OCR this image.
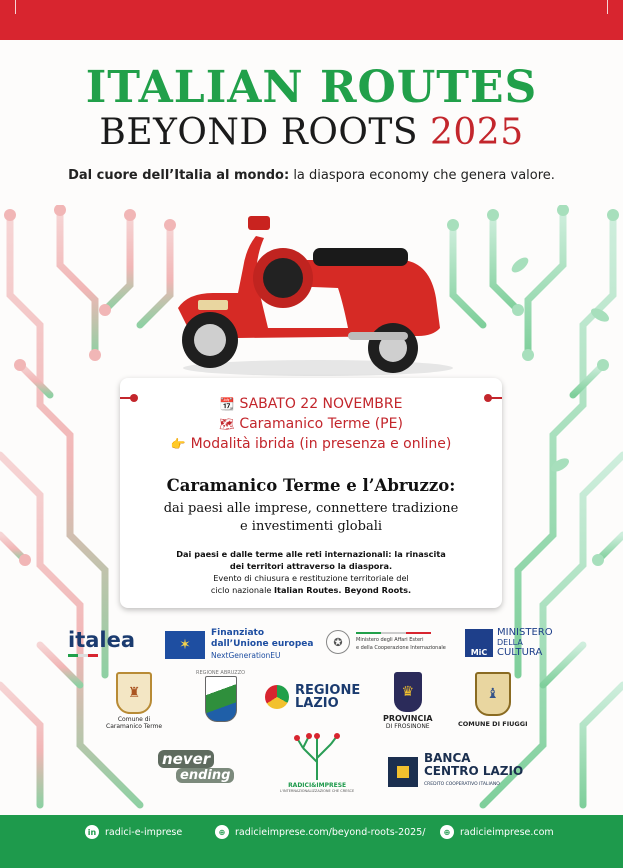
ITALIAN ROUTES
BEYOND ROOTS 2025
Dal cuore dell’Italia al mondo: la diaspora economy che genera valore.
📆 SABATO 22 NOVEMBRE
🗺 Caramanico Terme (PE)
👉 Modalità ibrida (in presenza e online)
Caramanico Terme e l’Abruzzo:
dai paesi alle imprese, connettere tradizione
e investimenti globali
Dai paesi e dalle terme alle reti internazionali: la rinascita
dei territori attraverso la diaspora.
Evento di chiusura e restituzione territoriale del
ciclo nazionale Italian Routes. Beyond Roots.
italea	✶
Finanziato
dall’Unione europea
NextGenerationEU
✪	Ministero degli Affari Esteri
e della Cooperazione Internazionale	MiC
MINISTERO
DELLA
CULTURA
♜
Comune di
Caramanico Terme
REGIONE ABRUZZO
REGIONE
LAZIO
♛
PROVINCIA
DI FROSINONE
♝
COMUNE DI FIUGGI
never
ending
RADICI&IMPRESE
L'INTERNAZIONALIZZAZIONE CHE CRESCE
BANCA
CENTRO LAZIO
CREDITO COOPERATIVO ITALIANO
in radici-e-imprese	⊕	radicieimprese.com/beyond-roots-2025/	⊕	radicieimprese.com
